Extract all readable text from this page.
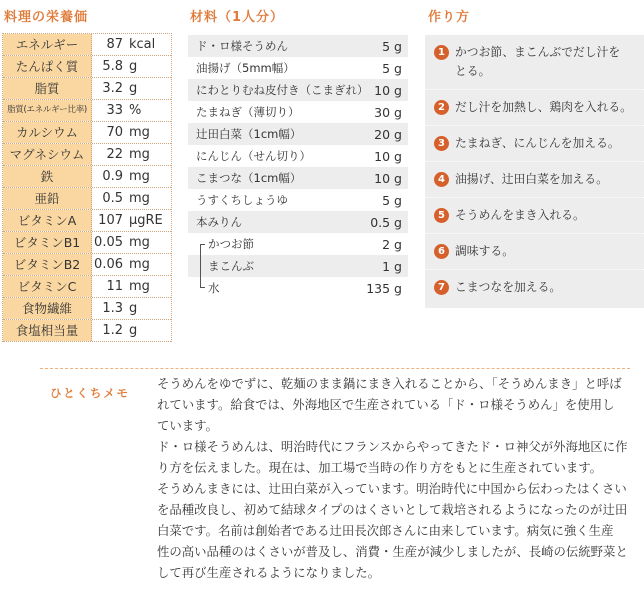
料理の栄養価
エネルギー	87 kcal
たんぱく質	5.8 g
脂質	3.2 g
脂質(エネルギー比率)	33 %
カルシウム	70 mg
マグネシウム	22 mg
鉄	0.9 mg
亜鉛	0.5 mg
ビタミンA	107 μgRE
ビタミンB1	0.05 mg
ビタミンB2	0.06 mg
ビタミンC	11 mg
食物繊維	1.3 g
食塩相当量	1.2 g
材料（1人分）
ド・ロ様そうめん	5 g
油揚げ（5mm幅）	5 g
にわとりむね皮付き（こまぎれ） 10 g
たまねぎ（薄切り）	30 g
辻田白菜（1cm幅）	20 g
にんじん（せん切り）	10 g
こまつな（1cm幅）	10 g
うすくちしょうゆ	5 g
本みりん	0.5 g
かつお節	2 g
まこんぶ	1 g
水	135 g
作り方
1 かつお節、まこんぶでだし汁を
とる。
2 だし汁を加熱し、鶏肉を入れる。
3 たまねぎ、にんじんを加える。
4 油揚げ、辻田白菜を加える。
5 そうめんをまき入れる。
6 調味する。
7 こまつなを加える。
ひとくちメモ
そうめんをゆでずに、乾麺のまま鍋にまき入れることから、「そうめんまき」と呼ば
れています。給食では、外海地区で生産されている「ド・ロ様そうめん」を使用し
ています。
ド・ロ様そうめんは、明治時代にフランスからやってきたド・ロ神父が外海地区に作
り方を伝えました。現在は、加工場で当時の作り方をもとに生産されています。
そうめんまきには、辻田白菜が入っています。明治時代に中国から伝わったはくさい
を品種改良し、初めて結球タイプのはくさいとして栽培されるようになったのが辻田
白菜です。名前は創始者である辻田長次郎さんに由来しています。病気に強く生産
性の高い品種のはくさいが普及し、消費・生産が減少しましたが、長崎の伝統野菜と
して再び生産されるようになりました。
